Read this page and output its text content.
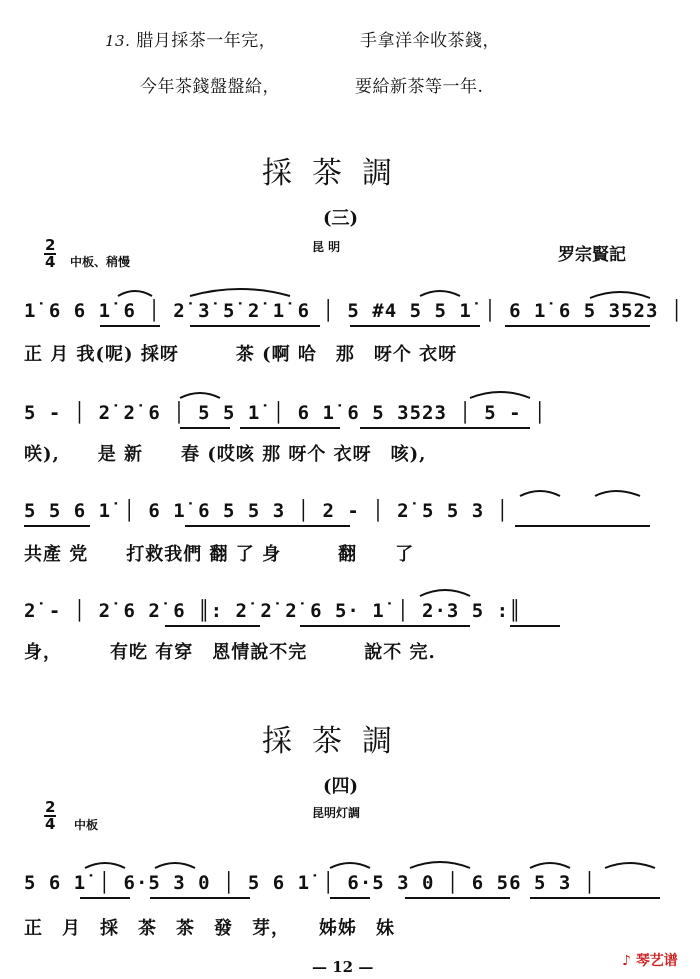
13. 腊月採茶一年完，	手拿洋伞收茶錢，
今年茶錢盤盤給，	要給新茶等一年.
採茶調
(三)
2
4 中板、稍慢
昆 明	罗宗賢記
1̇ 6 6 1̇ 6 │ 2̇ 3̇ 5̇ 2̇ 1̇ 6 │ 5 #4 5 5 1̇ │ 6 1̇ 6 5 3523 │
正 月 我(呢) 採呀　　　茶 (啊 哈　那　呀个 衣呀
5 - │ 2̇ 2̇ 6 │ 5 5 1̇ │ 6 1̇ 6 5 3523 │ 5 - │
咲),　　是 新　　春 (哎咳 那 呀个 衣呀　咳),
5 5 6 1̇ │ 6 1̇ 6 5 5 3 │ 2 - │ 2̇ 5 5 3 │
共產 党　　打救我們 翻 了 身　　　翻　　了
2̇ - │ 2̇ 6 2̇ 6 ║: 2̇ 2̇ 2̇ 6 5· 1̇ │ 2·3 5 :║
身，　　　有吃 有穿　恩情說不完　　　說不 完.
採茶調
(四)
2
4 中板
昆明灯調
5 6 1̇ │ 6·5 3 0 │ 5 6 1̇ │ 6·5 3 0 │ 6 56 5 3 │
正　月　採　茶　茶　發　芽，　　姊姊　妹
— 12 —	♪ 琴艺谱
